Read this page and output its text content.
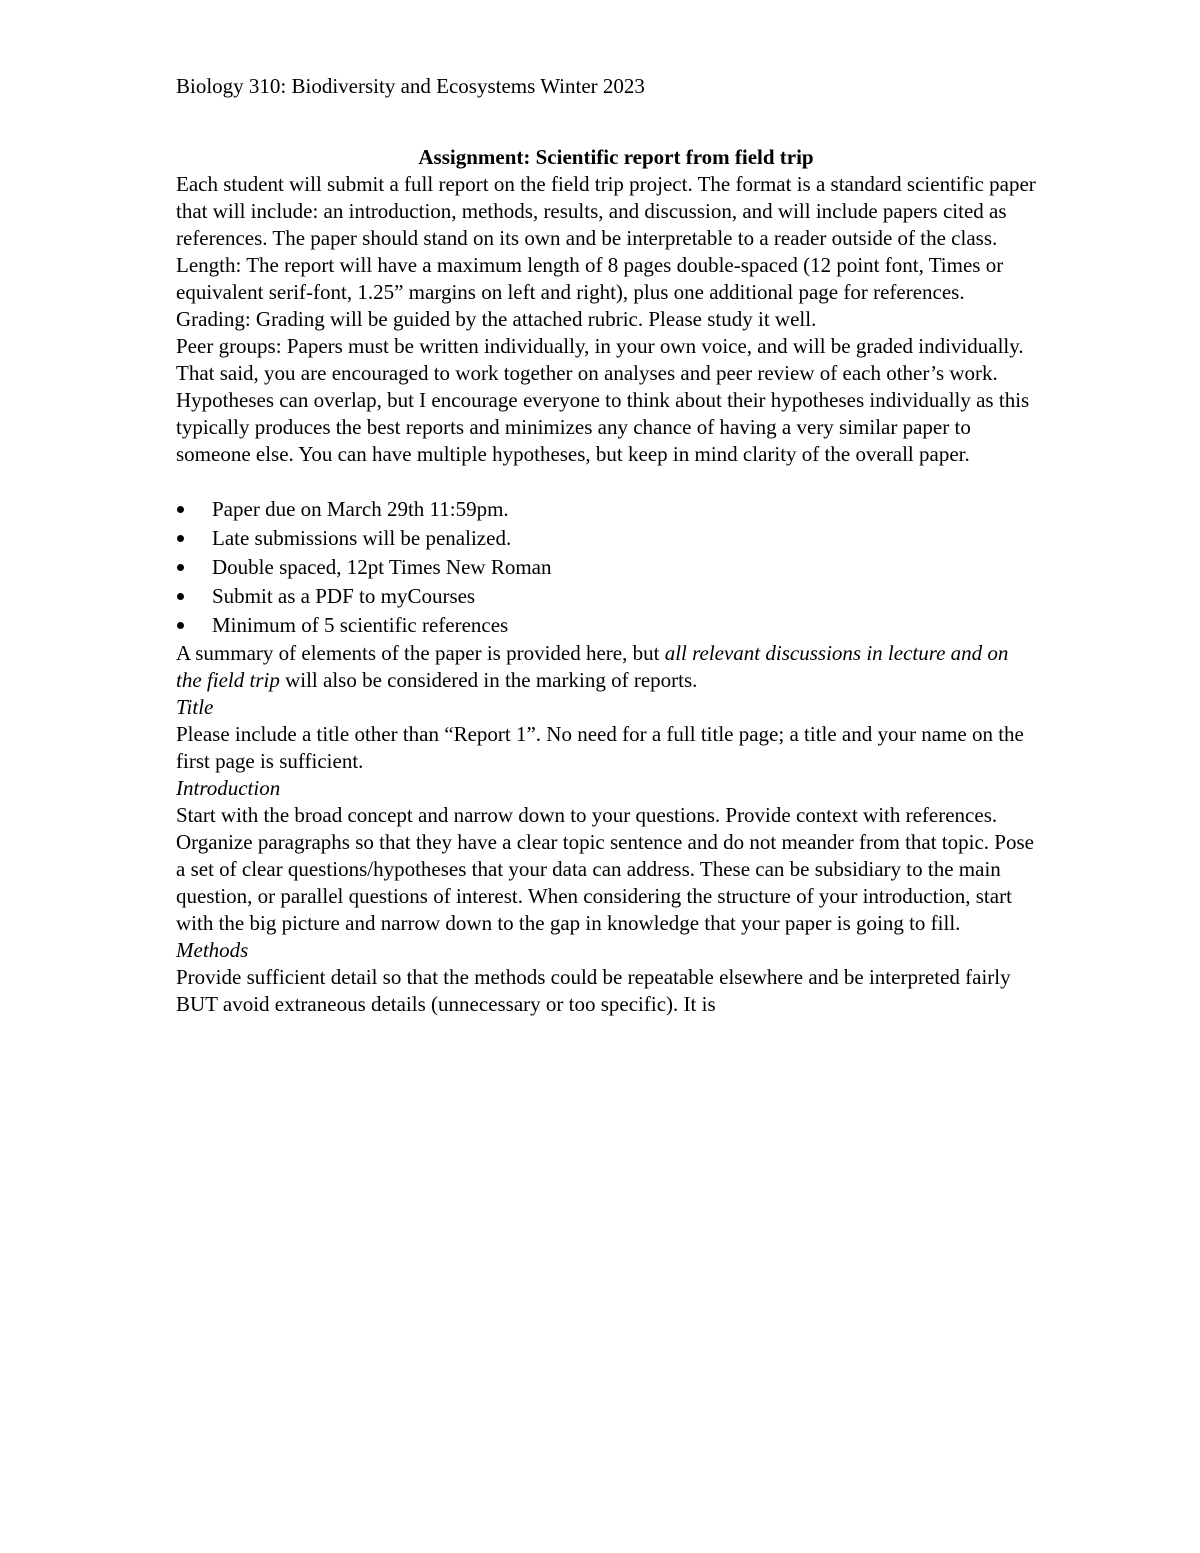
Biology 310: Biodiversity and Ecosystems Winter 2023

Assignment: Scientific report from field trip

Each student will submit a full report on the field trip project. The format is a standard scientific paper that will include: an introduction, methods, results, and discussion, and will include papers cited as references. The paper should stand on its own and be interpretable to a reader outside of the class.

Length: The report will have a maximum length of 8 pages double-spaced (12 point font, Times or equivalent serif-font, 1.25” margins on left and right), plus one additional page for references.

Grading: Grading will be guided by the attached rubric. Please study it well.

Peer groups: Papers must be written individually, in your own voice, and will be graded individually. That said, you are encouraged to work together on analyses and peer review of each other’s work. Hypotheses can overlap, but I encourage everyone to think about their hypotheses individually as this typically produces the best reports and minimizes any chance of having a very similar paper to someone else. You can have multiple hypotheses, but keep in mind clarity of the overall paper.

Paper due on March 29th 11:59pm.
Late submissions will be penalized.
Double spaced, 12pt Times New Roman
Submit as a PDF to myCourses
Minimum of 5 scientific references

A summary of elements of the paper is provided here, but all relevant discussions in lecture and on the field trip will also be considered in the marking of reports.

Title

Please include a title other than “Report 1”. No need for a full title page; a title and your name on the first page is sufficient.

Introduction

Start with the broad concept and narrow down to your questions. Provide context with references. Organize paragraphs so that they have a clear topic sentence and do not meander from that topic. Pose a set of clear questions/hypotheses that your data can address. These can be subsidiary to the main question, or parallel questions of interest. When considering the structure of your introduction, start with the big picture and narrow down to the gap in knowledge that your paper is going to fill.

Methods

Provide sufficient detail so that the methods could be repeatable elsewhere and be interpreted fairly BUT avoid extraneous details (unnecessary or too specific). It is
